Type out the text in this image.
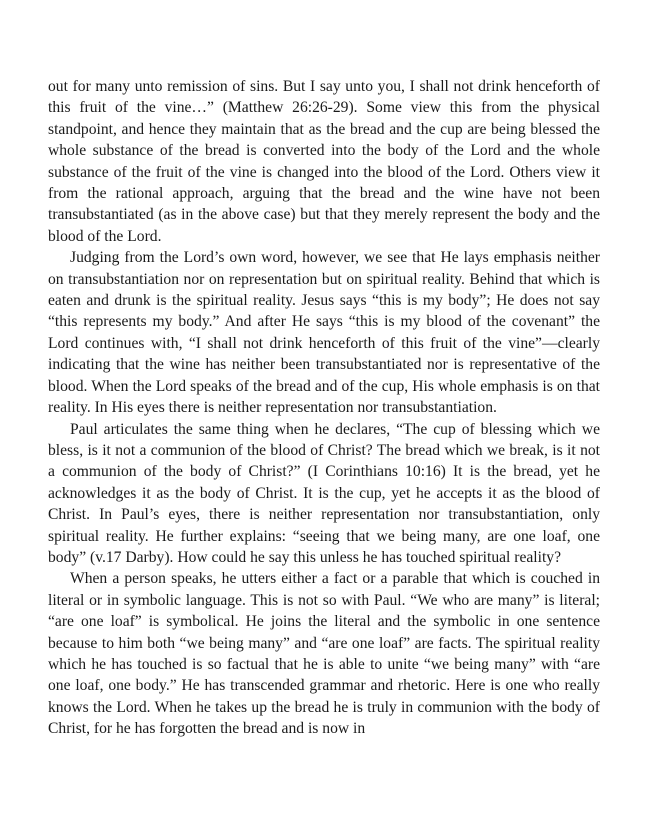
out for many unto remission of sins. But I say unto you, I shall not drink henceforth of this fruit of the vine…” (Matthew 26:26-29). Some view this from the physical standpoint, and hence they maintain that as the bread and the cup are being blessed the whole substance of the bread is converted into the body of the Lord and the whole substance of the fruit of the vine is changed into the blood of the Lord. Others view it from the rational approach, arguing that the bread and the wine have not been transubstantiated (as in the above case) but that they merely represent the body and the blood of the Lord.

Judging from the Lord’s own word, however, we see that He lays emphasis neither on transubstantiation nor on representation but on spiritual reality. Behind that which is eaten and drunk is the spiritual reality. Jesus says “this is my body”; He does not say “this represents my body.” And after He says “this is my blood of the covenant” the Lord continues with, “I shall not drink henceforth of this fruit of the vine”—clearly indicating that the wine has neither been transubstantiated nor is representative of the blood. When the Lord speaks of the bread and of the cup, His whole emphasis is on that reality. In His eyes there is neither representation nor transubstantiation.

Paul articulates the same thing when he declares, “The cup of blessing which we bless, is it not a communion of the blood of Christ? The bread which we break, is it not a communion of the body of Christ?” (I Corinthians 10:16) It is the bread, yet he acknowledges it as the body of Christ. It is the cup, yet he accepts it as the blood of Christ. In Paul’s eyes, there is neither representation nor transubstantiation, only spiritual reality. He further explains: “seeing that we being many, are one loaf, one body” (v.17 Darby). How could he say this unless he has touched spiritual reality?

When a person speaks, he utters either a fact or a parable that which is couched in literal or in symbolic language. This is not so with Paul. “We who are many” is literal; “are one loaf” is symbolical. He joins the literal and the symbolic in one sentence because to him both “we being many” and “are one loaf” are facts. The spiritual reality which he has touched is so factual that he is able to unite “we being many” with “are one loaf, one body.” He has transcended grammar and rhetoric. Here is one who really knows the Lord. When he takes up the bread he is truly in communion with the body of Christ, for he has forgotten the bread and is now in
